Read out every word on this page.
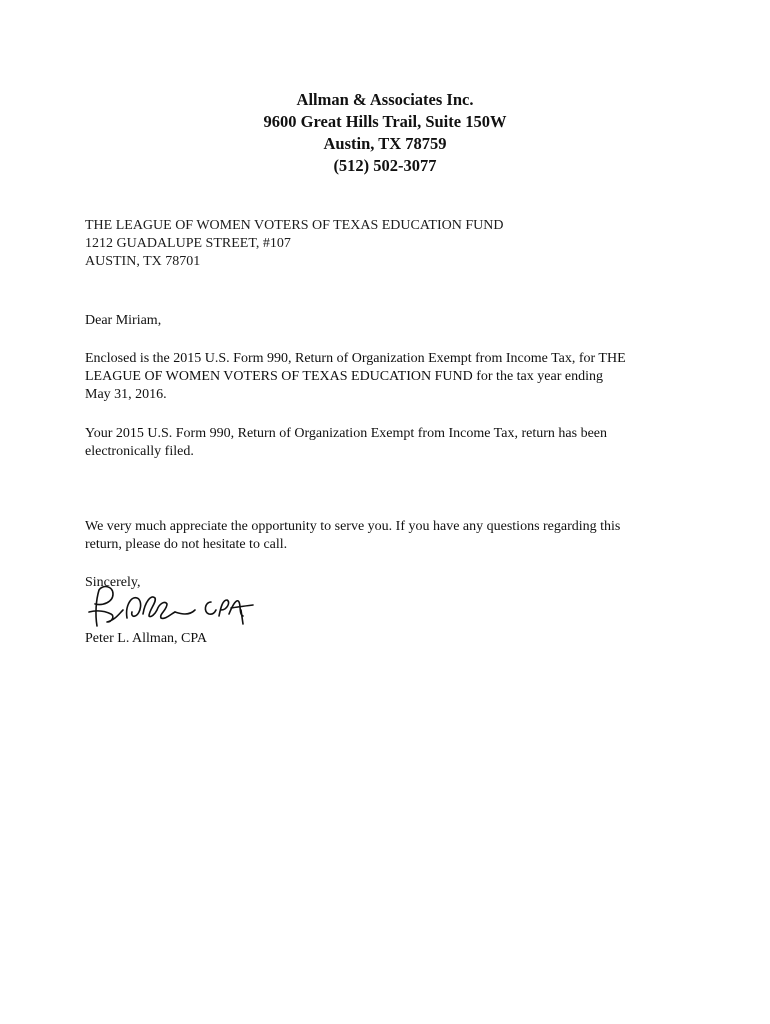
Allman & Associates Inc.
9600 Great Hills Trail, Suite 150W
Austin, TX 78759
(512) 502-3077
THE LEAGUE OF WOMEN VOTERS OF TEXAS EDUCATION FUND
1212 GUADALUPE STREET, #107
AUSTIN, TX 78701
Dear Miriam,
Enclosed is the 2015 U.S. Form 990, Return of Organization Exempt from Income Tax, for THE
LEAGUE OF WOMEN VOTERS OF TEXAS EDUCATION FUND for the tax year ending
May 31, 2016.
Your 2015 U.S. Form 990, Return of Organization Exempt from Income Tax, return has been
electronically filed.
We very much appreciate the opportunity to serve you. If you have any questions regarding this
return, please do not hesitate to call.
Sincerely,
Peter L. Allman, CPA
